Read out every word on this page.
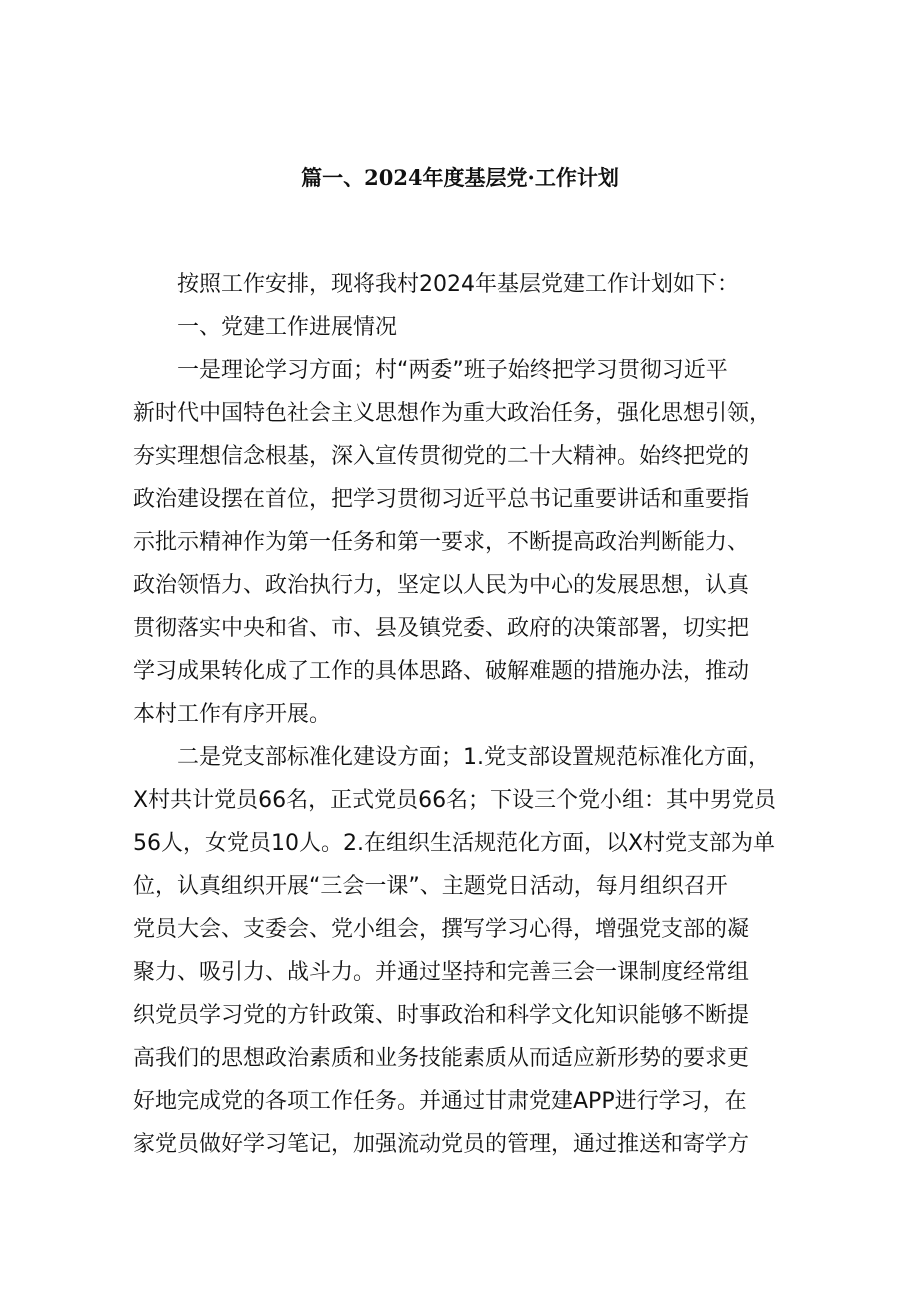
篇一、2024年度基层党·工作计划

按照工作安排，现将我村2024年基层党建工作计划如下：

一、党建工作进展情况

一是理论学习方面；村“两委”班子始终把学习贯彻习近平
新时代中国特色社会主义思想作为重大政治任务，强化思想引领，
夯实理想信念根基，深入宣传贯彻党的二十大精神。始终把党的
政治建设摆在首位，把学习贯彻习近平总书记重要讲话和重要指
示批示精神作为第一任务和第一要求，不断提高政治判断能力、
政治领悟力、政治执行力，坚定以人民为中心的发展思想，认真
贯彻落实中央和省、市、县及镇党委、政府的决策部署，切实把
学习成果转化成了工作的具体思路、破解难题的措施办法，推动
本村工作有序开展。

二是党支部标准化建设方面；1.党支部设置规范标准化方面，
X村共计党员66名，正式党员66名；下设三个党小组：其中男党员
56人，女党员10人。2.在组织生活规范化方面，以X村党支部为单
位，认真组织开展“三会一课”、主题党日活动，每月组织召开
党员大会、支委会、党小组会，撰写学习心得，增强党支部的凝
聚力、吸引力、战斗力。并通过坚持和完善三会一课制度经常组
织党员学习党的方针政策、时事政治和科学文化知识能够不断提
高我们的思想政治素质和业务技能素质从而适应新形势的要求更
好地完成党的各项工作任务。并通过甘肃党建APP进行学习，在
家党员做好学习笔记，加强流动党员的管理，通过推送和寄学方
